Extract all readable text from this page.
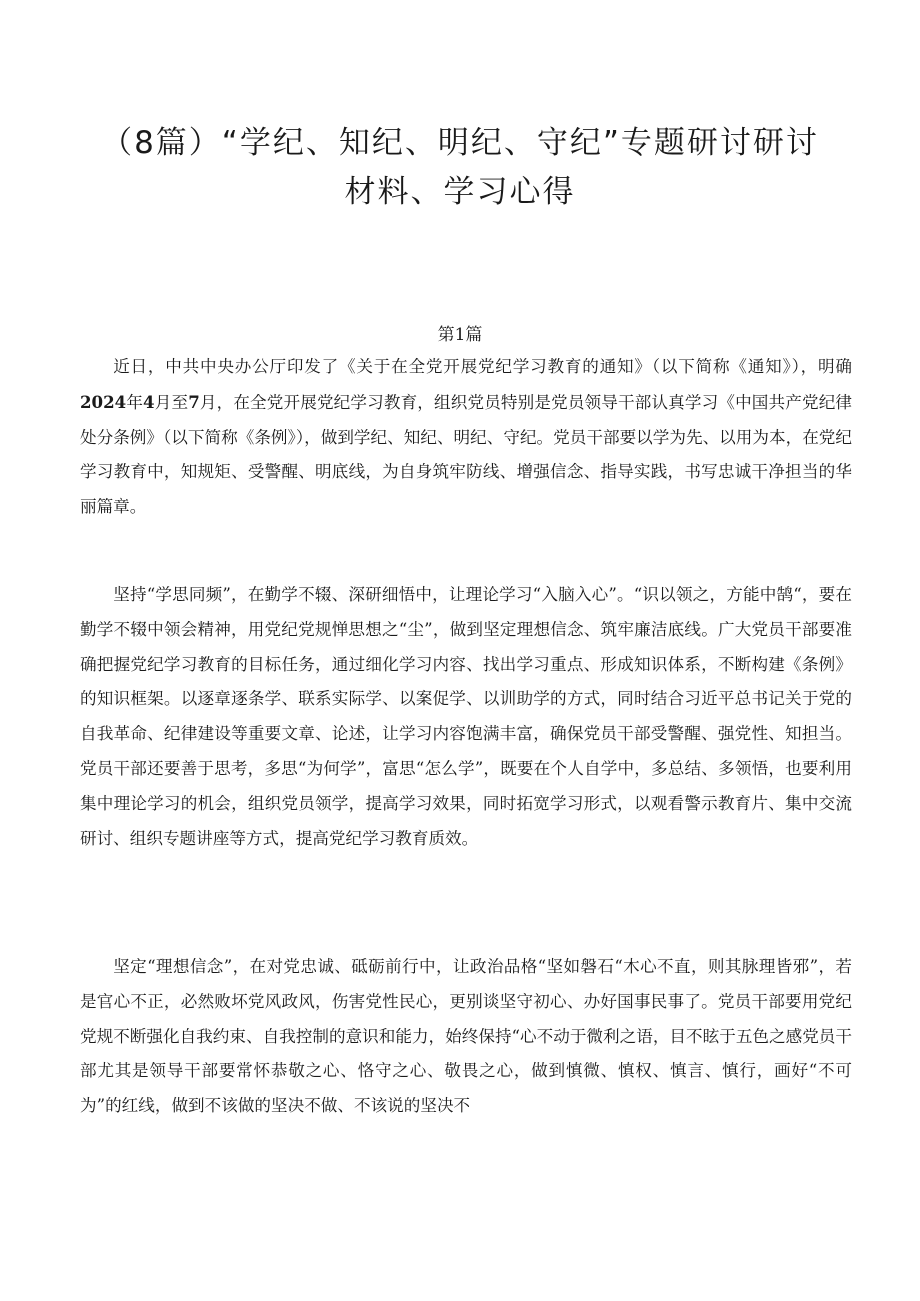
（8篇）“学纪、知纪、明纪、守纪”专题研讨研讨
材料、学习心得
第1篇

近日，中共中央办公厅印发了《关于在全党开展党纪学习教育的通知》（以下简称《通知》），明确2024年4月至7月，在全党开展党纪学习教育，组织党员特别是党员领导干部认真学习《中国共产党纪律处分条例》（以下简称《条例》），做到学纪、知纪、明纪、守纪。党员干部要以学为先、以用为本，在党纪学习教育中，知规矩、受警醒、明底线，为自身筑牢防线、增强信念、指导实践，书写忠诚干净担当的华丽篇章。

坚持“学思同频”，在勤学不辍、深研细悟中，让理论学习“入脑入心”。“识以领之，方能中鹄“，要在勤学不辍中领会精神，用党纪党规惮思想之“尘”，做到坚定理想信念、筑牢廉洁底线。广大党员干部要准确把握党纪学习教育的目标任务，通过细化学习内容、找出学习重点、形成知识体系，不断构建《条例》的知识框架。以逐章逐条学、联系实际学、以案促学、以训助学的方式，同时结合习近平总书记关于党的自我革命、纪律建设等重要文章、论述，让学习内容饱满丰富，确保党员干部受警醒、强党性、知担当。党员干部还要善于思考，多思“为何学”，富思“怎么学”，既要在个人自学中，多总结、多领悟，也要利用集中理论学习的机会，组织党员领学，提高学习效果，同时拓宽学习形式，以观看警示教育片、集中交流研讨、组织专题讲座等方式，提高党纪学习教育质效。

坚定“理想信念”，在对党忠诚、砥砺前行中，让政治品格“坚如磐石“木心不直，则其脉理皆邪”，若是官心不正，必然败坏党风政风，伤害党性民心，更别谈坚守初心、办好国事民事了。党员干部要用党纪党规不断强化自我约束、自我控制的意识和能力，始终保持“心不动于微利之语，目不眩于五色之感党员干部尤其是领导干部要常怀恭敬之心、恪守之心、敬畏之心，做到慎微、慎权、慎言、慎行，画好“不可为”的红线，做到不该做的坚决不做、不该说的坚决不
